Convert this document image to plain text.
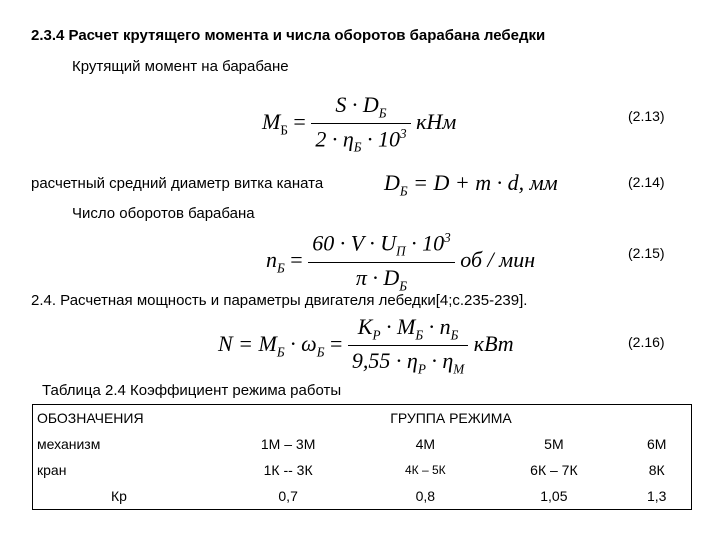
2.3.4 Расчет крутящего момента и числа оборотов барабана лебедки
Крутящий момент на барабане
$M_Б = \frac{S \cdot D_Б}{2 \cdot \eta_Б \cdot 10^3}$ кНм	(2.13)
расчетный средний диаметр витка каната	$D_Б = D + m \cdot d$, мм	(2.14)
Число оборотов барабана
$n_Б = \frac{60 \cdot V \cdot U_П \cdot 10^3}{\pi \cdot D_Б}$ об / мин	(2.15)
2.4. Расчетная мощность и параметры двигателя лебедки[4;с.235-239].
$N = M_Б \cdot \omega_Б = \frac{K_Р \cdot M_Б \cdot n_Б}{9,55 \cdot \eta_Р \cdot \eta_М}$ кВт	(2.16)
Таблица 2.4 Коэффициент режима работы
ОБОЗНАЧЕНИЯ	ГРУППА РЕЖИМА			
механизм	1М – 3М	4М	5М	6М
кран	1К -- 3К	4К – 5К	6К – 7К	8К
Кр	0,7	0,8	1,05	1,3
